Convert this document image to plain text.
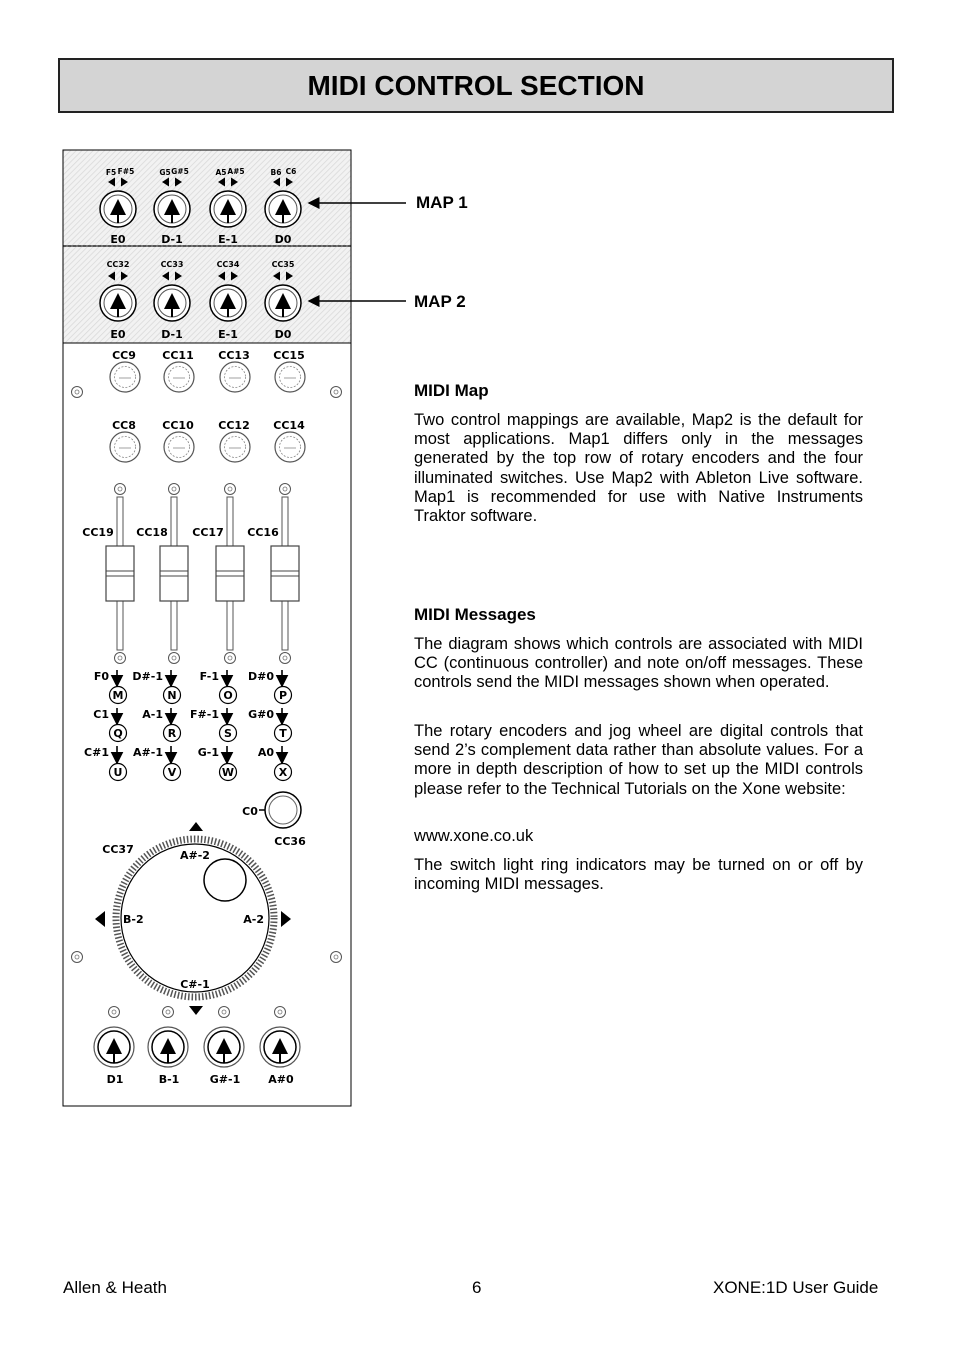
MIDI CONTROL SECTION
F5 F#5
E0
G5 G#5
D-1
A5 A#5
E-1
B6 C6
D0
CC32
E0
CC33
D-1
CC34
E-1
CC35
D0
CC9 CC11 CC13 CC15
CC8 CC10 CC12 CC14
CC19 CC18 CC17 CC16
F0
M
D#-1
N
F-1
O
D#0
P
C1
Q
A-1
R
F#-1
S
G#0
T
C#1
U
A#-1
V
G-1
W
A0
X
C0
CC36
CC37	A#-2
B-2	A-2
C#-1
D1	B-1	G#-1	A#0
MAP 1
MAP 2
MIDI Map
Two control mappings are available, Map2 is the default for most applications. Map1 differs only in the messages generated by the top row of rotary encoders and the four illuminated switches. Use Map2 with Ableton Live software. Map1 is recommended for use with Native Instruments Traktor software.
MIDI Messages
The diagram shows which controls are associated with MIDI CC (continuous controller) and note on/off messages. These controls send the MIDI messages shown when operated.
The rotary encoders and jog wheel are digital controls that send 2’s complement data rather than absolute values. For a more in depth description of how to set up the MIDI controls please refer to the Technical Tutorials on the Xone website:
www.xone.co.uk
The switch light ring indicators may be turned on or off by incoming MIDI messages.
Allen & Heath	6	XONE:1D User Guide
